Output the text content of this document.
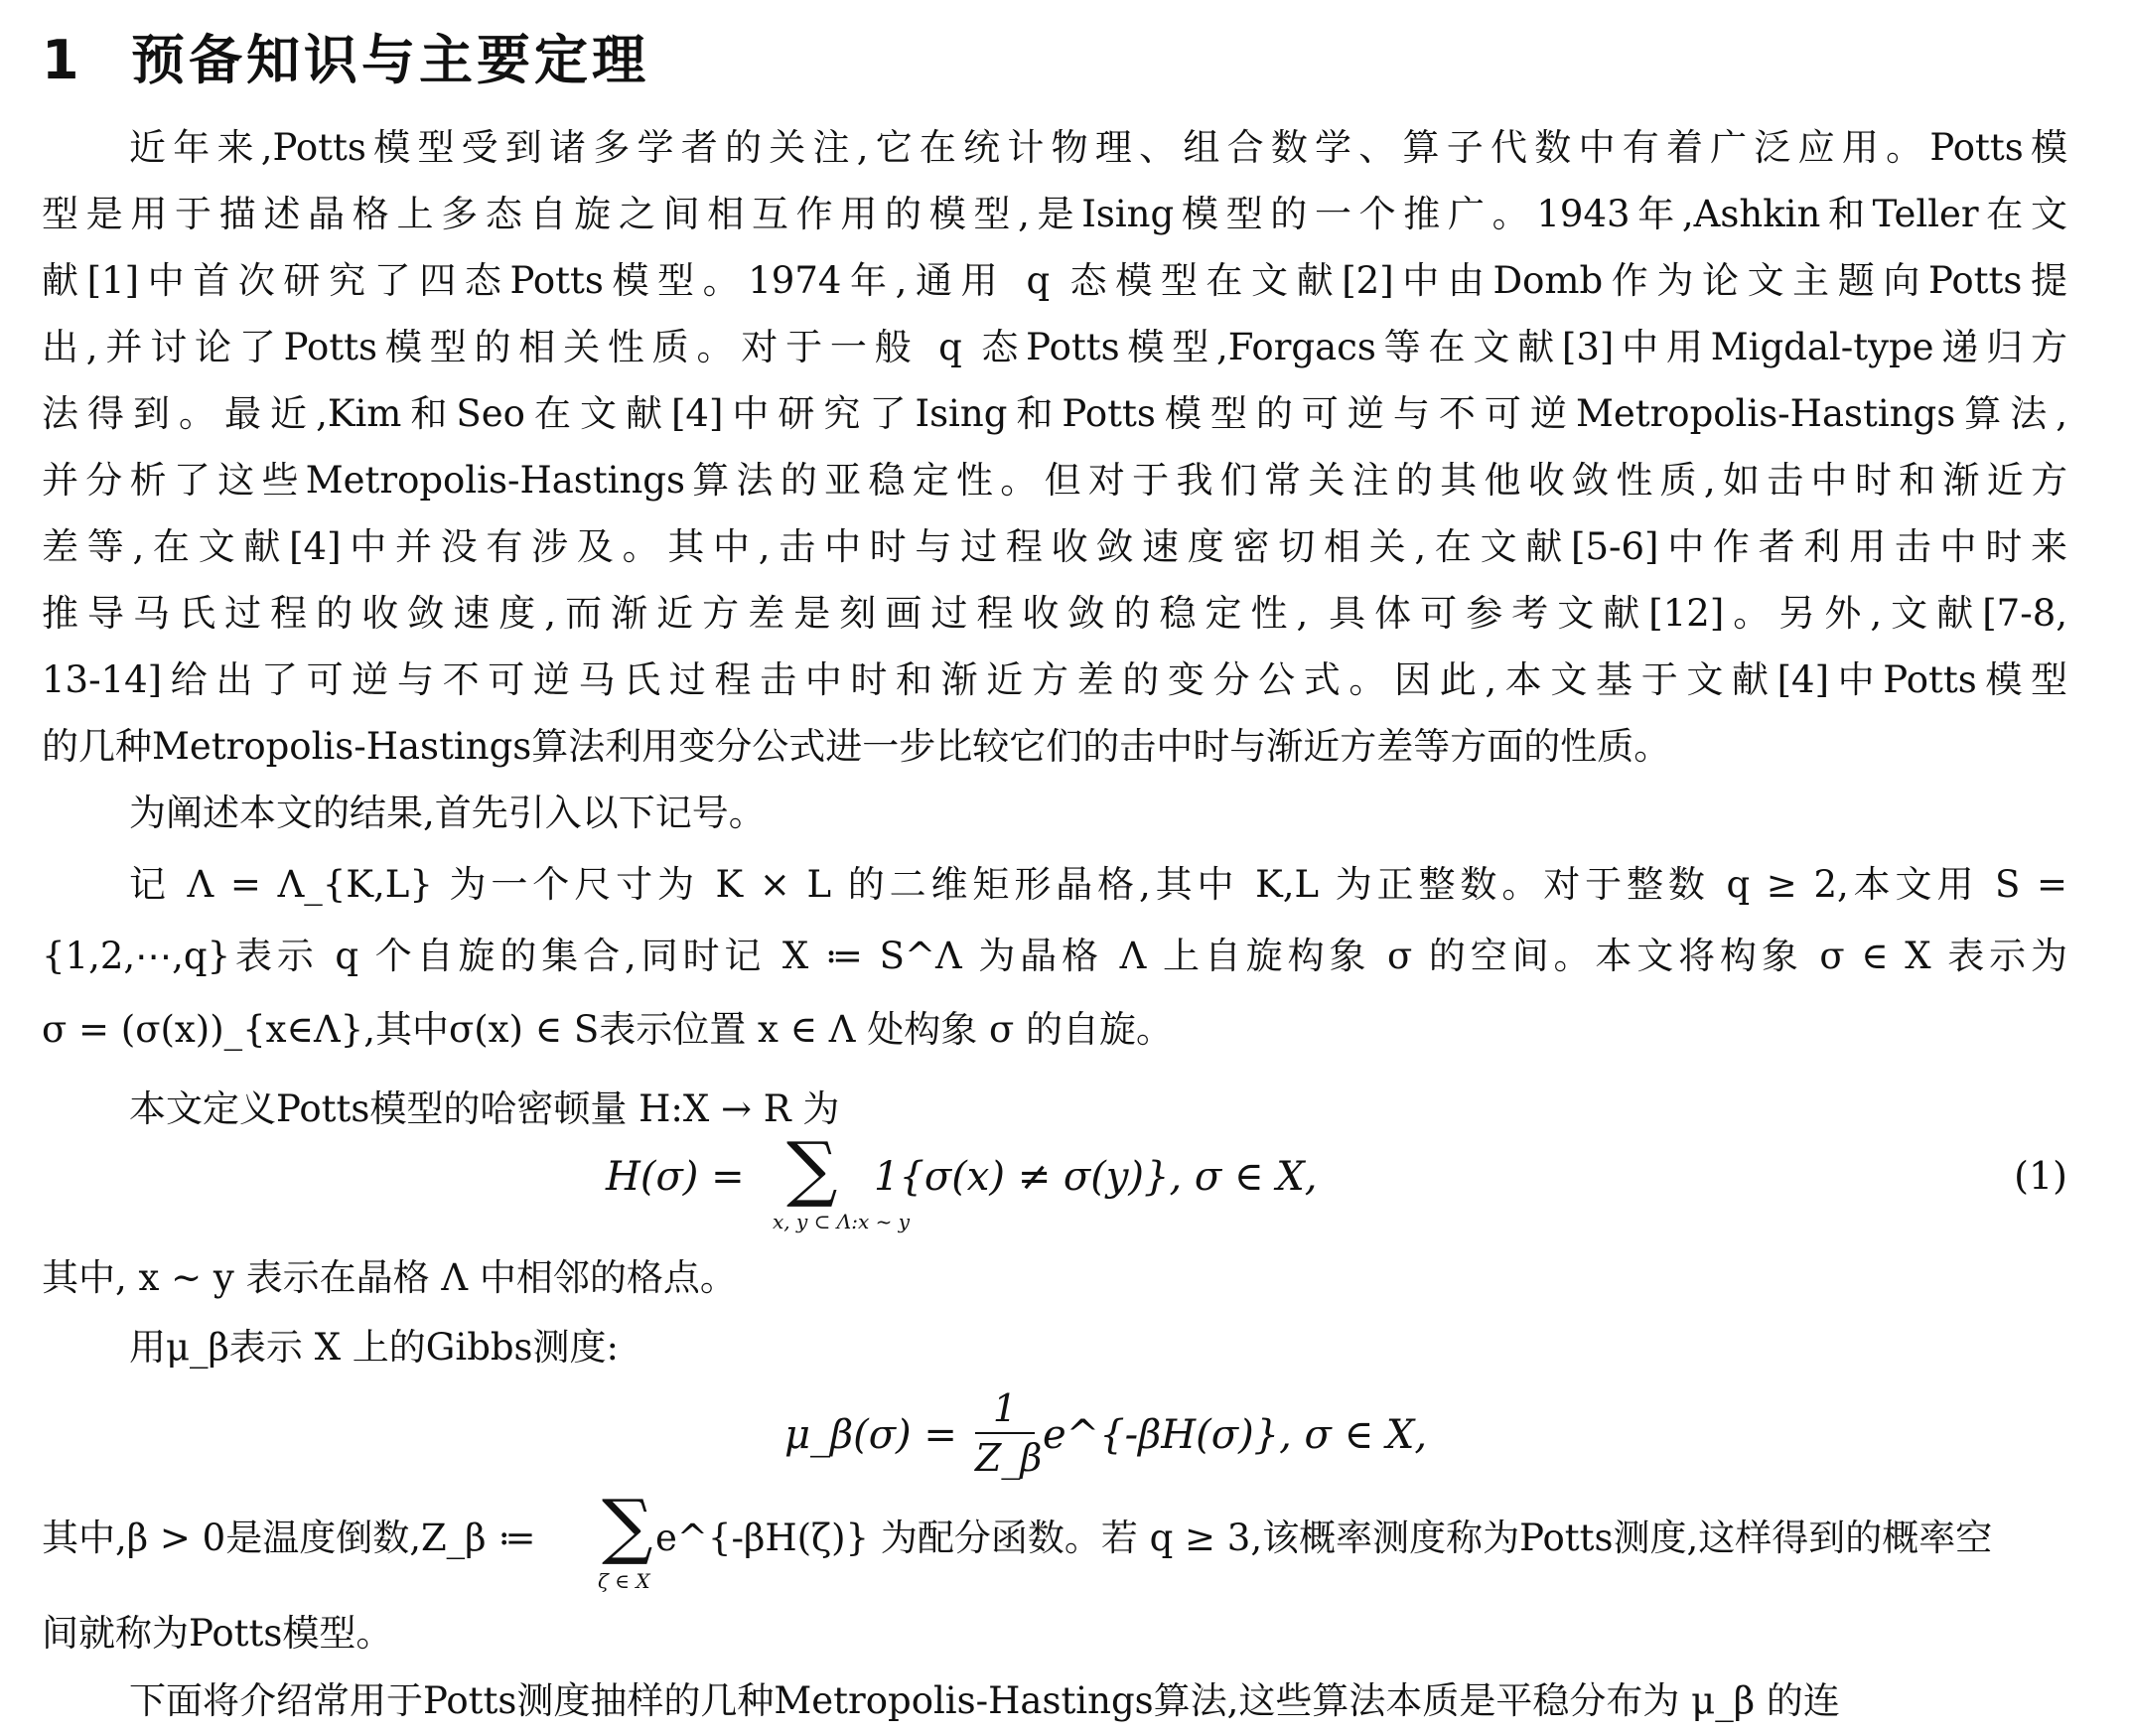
1 预备知识与主要定理
近年来,Potts模型受到诸多学者的关注,它在统计物理、组合数学、算子代数中有着广泛应用。Potts模
型是用于描述晶格上多态自旋之间相互作用的模型,是Ising模型的一个推广。1943年,Ashkin和Teller在文
献[1]中首次研究了四态Potts模型。1974年,通用 q 态模型在文献[2]中由Domb作为论文主题向Potts提
出,并讨论了Potts模型的相关性质。对于一般 q 态Potts模型,Forgacs等在文献[3]中用Migdal-type递归方
法得到。最近,Kim和Seo在文献[4]中研究了Ising和Potts模型的可逆与不可逆Metropolis-Hastings算法,
并分析了这些Metropolis-Hastings算法的亚稳定性。但对于我们常关注的其他收敛性质,如击中时和渐近方
差等,在文献[4]中并没有涉及。其中,击中时与过程收敛速度密切相关,在文献[5-6]中作者利用击中时来
推导马氏过程的收敛速度,而渐近方差是刻画过程收敛的稳定性, 具体可参考文献[12]。另外,文献[7-8,
13-14]给出了可逆与不可逆马氏过程击中时和渐近方差的变分公式。因此,本文基于文献[4]中Potts模型
的几种Metropolis-Hastings算法利用变分公式进一步比较它们的击中时与渐近方差等方面的性质。
为阐述本文的结果,首先引入以下记号。
记 Λ = Λ_{K,L} 为一个尺寸为 K × L 的二维矩形晶格,其中 K,L 为正整数。对于整数 q ≥ 2,本文用 S =
{1,2,⋯,q}表示 q 个自旋的集合,同时记 X ≔ S^Λ 为晶格 Λ 上自旋构象 σ 的空间。本文将构象 σ ∈ X 表示为
σ = (σ(x))_{x∈Λ},其中σ(x) ∈ S表示位置 x ∈ Λ 处构象 σ 的自旋。
本文定义Potts模型的哈密顿量 H:X → R 为
H(σ) = ∑
x, y ⊂ Λ:x ~ y
1{σ(x) ≠ σ(y)}, σ ∈ X,	(1)
其中, x ~ y 表示在晶格 Λ 中相邻的格点。
用μ_β表示 X 上的Gibbs测度:
μ_β(σ) =
1
Z_β e^{-βH(σ)}, σ ∈ X,
其中,β > 0是温度倒数,Z_β ≔ ∑
ζ ∈ X
e^{-βH(ζ)} 为配分函数。若 q ≥ 3,该概率测度称为Potts测度,这样得到的概率空
间就称为Potts模型。
下面将介绍常用于Potts测度抽样的几种Metropolis-Hastings算法,这些算法本质是平稳分布为 μ_β 的连
